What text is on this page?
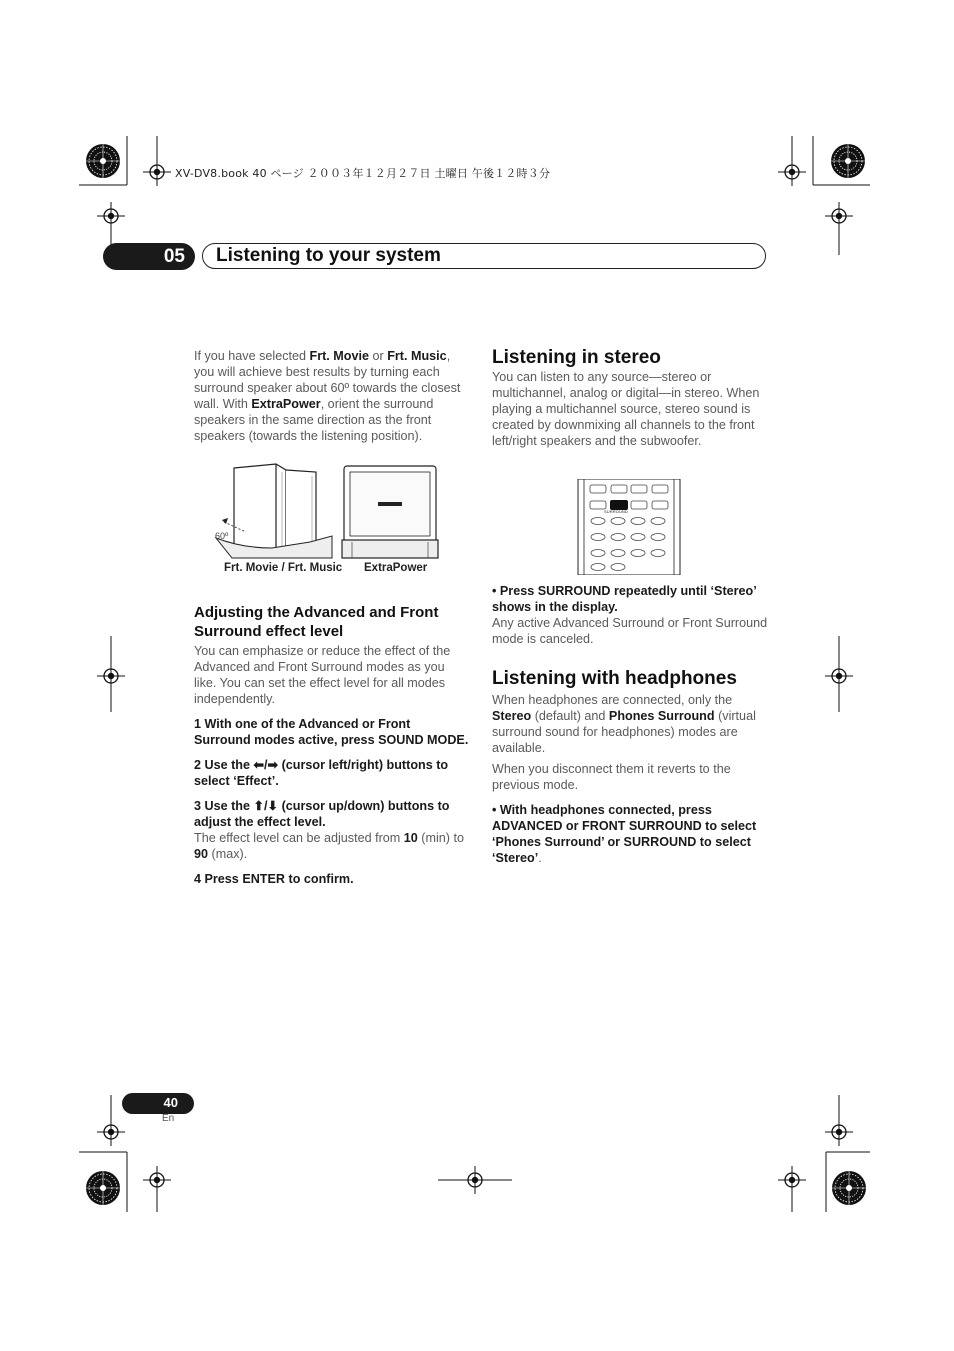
XV-DV8.book 40 ページ ２００３年１２月２７日 土曜日 午後１２時３分
05 Listening to your system

If you have selected Frt. Movie or Frt. Music, you will achieve best results by turning each surround speaker about 60º towards the closest wall. With ExtraPower, orient the surround speakers in the same direction as the front speakers (towards the listening position).

60º
Frt. Movie / Frt. Music ExtraPower
Adjusting the Advanced and Front Surround effect level

You can emphasize or reduce the effect of the Advanced and Front Surround modes as you like. You can set the effect level for all modes independently.

1 With one of the Advanced or Front Surround modes active, press SOUND MODE.

2 Use the ⬅/➡ (cursor left/right) buttons to select ‘Effect’.

3 Use the ⬆/⬇ (cursor up/down) buttons to adjust the effect level.

The effect level can be adjusted from 10 (min) to 90 (max).

4 Press ENTER to confirm.

Listening in stereo

You can listen to any source—stereo or multichannel, analog or digital—in stereo. When playing a multichannel source, stereo sound is created by downmixing all channels to the front left/right speakers and the subwoofer.

SURROUND

• Press SURROUND repeatedly until ‘Stereo’ shows in the display.

Any active Advanced Surround or Front Surround mode is canceled.

Listening with headphones

When headphones are connected, only the Stereo (default) and Phones Surround (virtual surround sound for headphones) modes are available.

When you disconnect them it reverts to the previous mode.

• With headphones connected, press ADVANCED or FRONT SURROUND to select ‘Phones Surround’ or SURROUND to select ‘Stereo’.

40
En
